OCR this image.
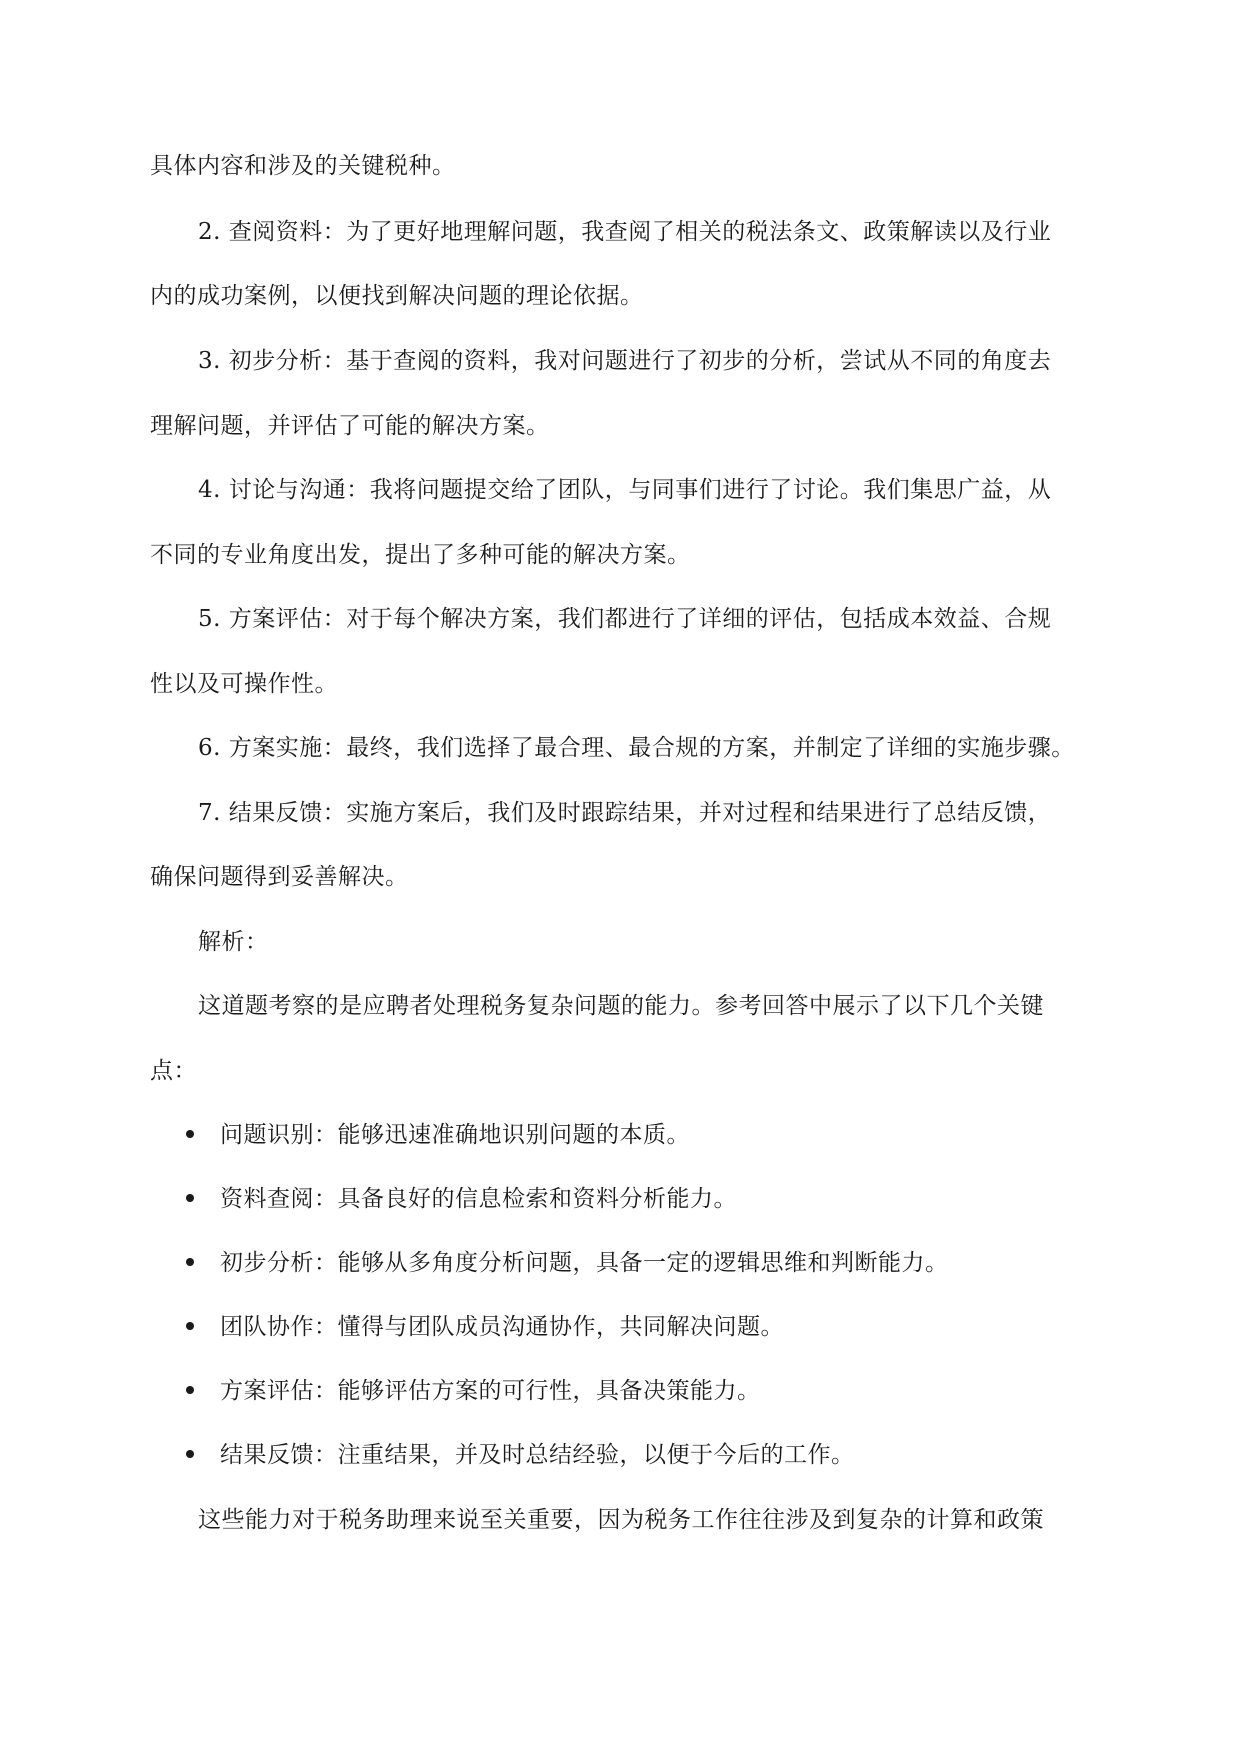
具体内容和涉及的关键税种。
2. 查阅资料：为了更好地理解问题，我查阅了相关的税法条文、政策解读以及行业
内的成功案例，以便找到解决问题的理论依据。
3. 初步分析：基于查阅的资料，我对问题进行了初步的分析，尝试从不同的角度去
理解问题，并评估了可能的解决方案。
4. 讨论与沟通：我将问题提交给了团队，与同事们进行了讨论。我们集思广益，从
不同的专业角度出发，提出了多种可能的解决方案。
5. 方案评估：对于每个解决方案，我们都进行了详细的评估，包括成本效益、合规
性以及可操作性。
6. 方案实施：最终，我们选择了最合理、最合规的方案，并制定了详细的实施步骤。
7. 结果反馈：实施方案后，我们及时跟踪结果，并对过程和结果进行了总结反馈，
确保问题得到妥善解决。
解析：
这道题考察的是应聘者处理税务复杂问题的能力。参考回答中展示了以下几个关键
点：
问题识别：能够迅速准确地识别问题的本质。
资料查阅：具备良好的信息检索和资料分析能力。
初步分析：能够从多角度分析问题，具备一定的逻辑思维和判断能力。
团队协作：懂得与团队成员沟通协作，共同解决问题。
方案评估：能够评估方案的可行性，具备决策能力。
结果反馈：注重结果，并及时总结经验，以便于今后的工作。
这些能力对于税务助理来说至关重要，因为税务工作往往涉及到复杂的计算和政策
